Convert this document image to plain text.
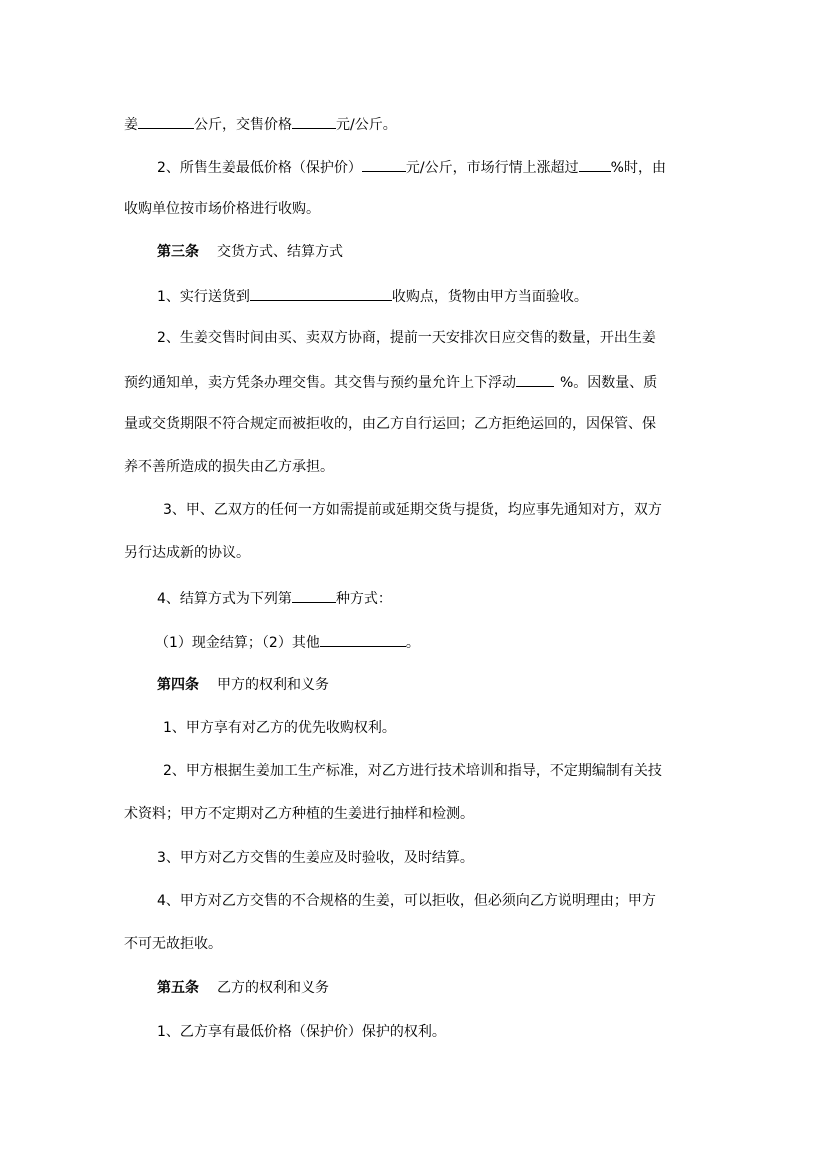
姜	公斤，交售价格	元/公斤。
2、所售生姜最低价格（保护价）	元/公斤，市场行情上涨超过 %时，由
收购单位按市场价格进行收购。
第三条 交货方式、结算方式
1、实行送货到	收购点，货物由甲方当面验收。
2、生姜交售时间由买、卖双方协商，提前一天安排次日应交售的数量，开出生姜
预约通知单，卖方凭条办理交售。其交售与预约量允许上下浮动	%。因数量、质
量或交货期限不符合规定而被拒收的，由乙方自行运回；乙方拒绝运回的，因保管、保
养不善所造成的损失由乙方承担。
3、甲、乙双方的任何一方如需提前或延期交货与提货，均应事先通知对方，双方
另行达成新的协议。
4、结算方式为下列第	种方式：
（1）现金结算；（2）其他	。
第四条 甲方的权利和义务
1、甲方享有对乙方的优先收购权利。
2、甲方根据生姜加工生产标准，对乙方进行技术培训和指导，不定期编制有关技
术资料；甲方不定期对乙方种植的生姜进行抽样和检测。
3、甲方对乙方交售的生姜应及时验收，及时结算。
4、甲方对乙方交售的不合规格的生姜，可以拒收，但必须向乙方说明理由；甲方
不可无故拒收。
第五条 乙方的权利和义务
1、乙方享有最低价格（保护价）保护的权利。
